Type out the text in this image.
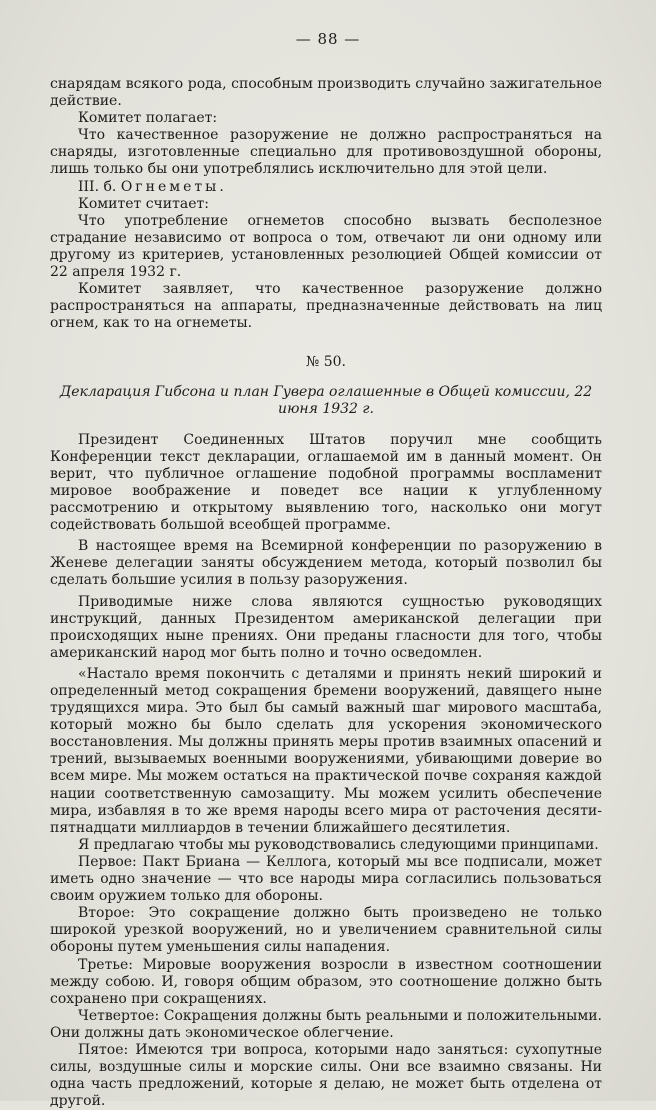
— 88 —

снарядам всякого рода, способным производить случайно зажигательное действие.

Комитет полагает:

Что качественное разоружение не должно распространяться на снаряды, изготовленные специально для противовоздушной обороны, лишь только бы они употреблялись исключительно для этой цели.

III. б. Огнеметы.

Комитет считает:

Что употребление огнеметов способно вызвать бесполезное страдание независимо от вопроса о том, отвечают ли они одному или другому из критериев, установленных резолюцией Общей комиссии от 22 апреля 1932 г.

Комитет заявляет, что качественное разоружение должно распространяться на аппараты, предназначенные действовать на лиц огнем, как то на огнеметы.

№ 50.

Декларация Гибсона и план Гувера оглашенные в Общей комиссии, 22 июня 1932 г.

Президент Соединенных Штатов поручил мне сообщить Конференции текст декларации, оглашаемой им в данный момент. Он верит, что публичное оглашение подобной программы воспламенит мировое воображение и поведет все нации к углубленному рассмотрению и открытому выявлению того, насколько они могут содействовать большой всеобщей программе.

В настоящее время на Всемирной конференции по разоружению в Женеве делегации заняты обсуждением метода, который позволил бы сделать большие усилия в пользу разоружения.

Приводимые ниже слова являются сущностью руководящих инструкций, данных Президентом американской делегации при происходящих ныне прениях. Они преданы гласности для того, чтобы американский народ мог быть полно и точно осведомлен.

«Настало время покончить с деталями и принять некий широкий и определенный метод сокращения бремени вооружений, давящего ныне трудящихся мира. Это был бы самый важный шаг мирового масштаба, который можно бы было сделать для ускорения экономического восстановления. Мы должны принять меры против взаимных опасений и трений, вызываемых военными вооружениями, убивающими доверие во всем мире. Мы можем остаться на практической почве сохраняя каждой нации соответственную самозащиту. Мы можем усилить обеспечение мира, избавляя в то же время народы всего мира от расточения десяти-пятнадцати миллиардов в течении ближайшего десятилетия.

Я предлагаю чтобы мы руководствовались следующими принципами.

Первое: Пакт Бриана — Келлога, который мы все подписали, может иметь одно значение — что все народы мира согласились пользоваться своим оружием только для обороны.

Второе: Это сокращение должно быть произведено не только широкой урезкой вооружений, но и увеличением сравнительной силы обороны путем уменьшения силы нападения.

Третье: Мировые вооружения возросли в известном соотношении между собою. И, говоря общим образом, это соотношение должно быть сохранено при сокращениях.

Четвертое: Сокращения должны быть реальными и положительными. Они должны дать экономическое облегчение.

Пятое: Имеются три вопроса, которыми надо заняться: сухопутные силы, воздушные силы и морские силы. Они все взаимно связаны. Ни одна часть предложений, которые я делаю, не может быть отделена от другой.
